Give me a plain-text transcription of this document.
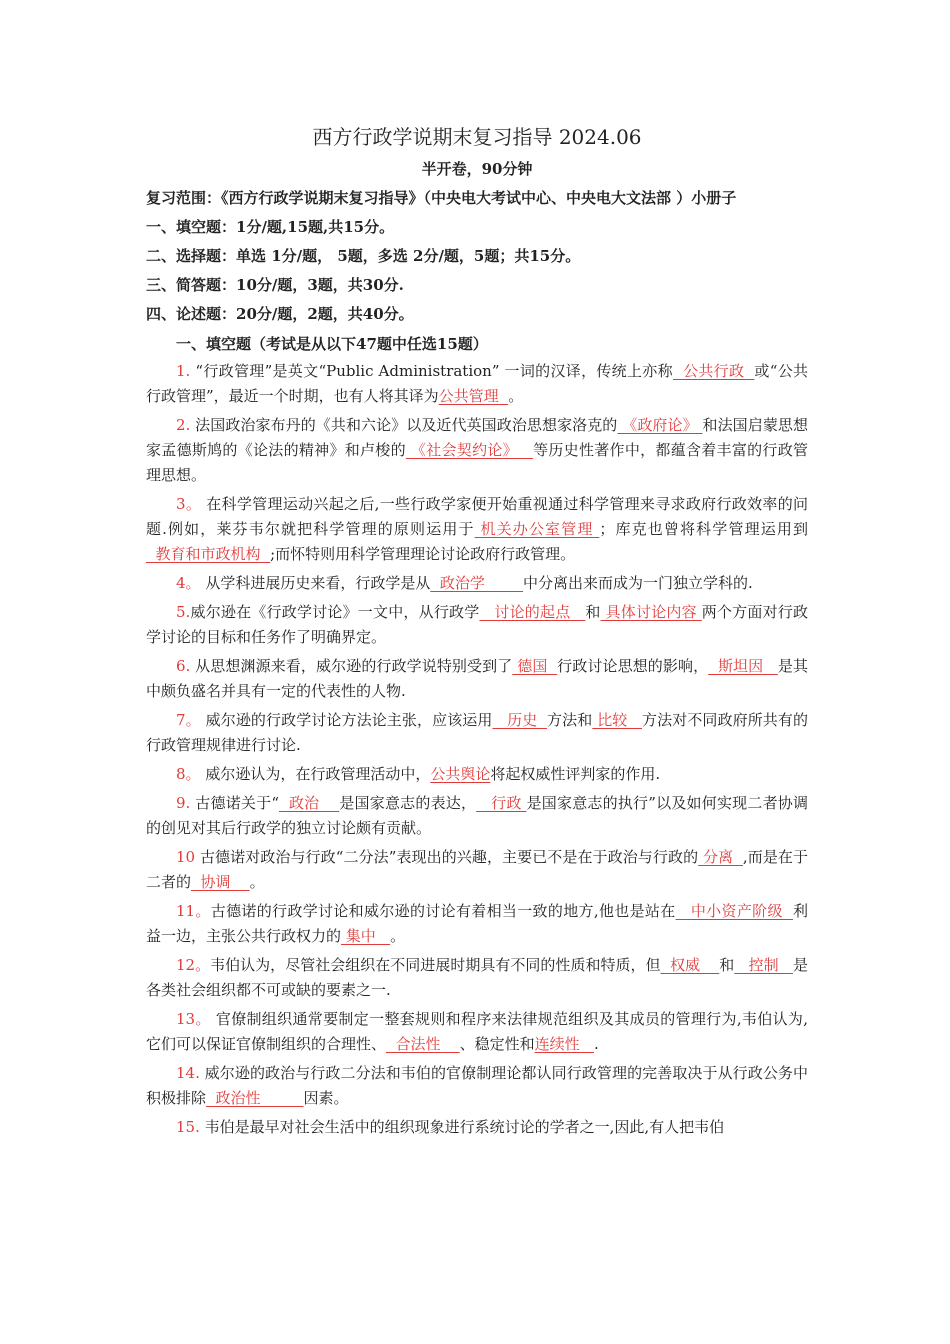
西方行政学说期末复习指导 2024.06

半开卷，90分钟

复习范围：《西方行政学说期末复习指导》（中央电大考试中心、中央电大文法部 ）小册子

一、填空题：1分/题,15题,共15分。

二、选择题：单选 1分/题， 5题，多选 2分/题，5题；共15分。

三、简答题：10分/题，3题，共30分.

四、论述题：20分/题，2题，共40分。

一、填空题（考试是从以下47题中任选15题）

1. “行政管理”是英文“Public Administration” 一词的汉译，传统上亦称  公共行政  或“公共行政管理”，最近一个时期，也有人将其译为公共管理  。

2. 法国政治家布丹的《共和六论》以及近代英国政治思想家洛克的 《政府论》 和法国启蒙思想家孟德斯鸠的《论法的精神》和卢梭的 《社会契约论》   等历史性著作中，都蕴含着丰富的行政管理思想。

3。 在科学管理运动兴起之后,一些行政学家便开始重视通过科学管理来寻求政府行政效率的问题.例如，莱芬韦尔就把科学管理的原则运用于 机关办公室管理 ；库克也曾将科学管理运用到  教育和市政机构  ;而怀特则用科学管理理论讨论政府行政管理。

4。 从学科进展历史来看，行政学是从  政治学        中分离出来而成为一门独立学科的.

5.威尔逊在《行政学讨论》一文中，从行政学   讨论的起点   和 具体讨论内容 两个方面对行政学讨论的目标和任务作了明确界定。

6. 从思想渊源来看，威尔逊的行政学说特别受到了 德国  行政讨论思想的影响，  斯坦因   是其中颇负盛名并具有一定的代表性的人物.

7。 威尔逊的行政学讨论方法论主张，应该运用   历史  方法和 比较   方法对不同政府所共有的行政管理规律进行讨论.

8。 威尔逊认为，在行政管理活动中，公共舆论将起权威性评判家的作用.

9. 古德诺关于“  政治    是国家意志的表达，   行政 是国家意志的执行”以及如何实现二者协调的创见对其后行政学的独立讨论颇有贡献。

10 古德诺对政治与行政“二分法”表现出的兴趣，主要已不是在于政治与行政的 分离  ,而是在于二者的  协调    。

11。古德诺的行政学讨论和威尔逊的讨论有着相当一致的地方,他也是站在   中小资产阶级  利益一边，主张公共行政权力的 集中   。

12。韦伯认为，尽管社会组织在不同进展时期具有不同的性质和特质，但  权威    和   控制   是各类社会组织都不可或缺的要素之一.

13。 官僚制组织通常要制定一整套规则和程序来法律规范组织及其成员的管理行为,韦伯认为,它们可以保证官僚制组织的合理性、  合法性    、稳定性和连续性   .

14. 威尔逊的政治与行政二分法和韦伯的官僚制理论都认同行政管理的完善取决于从行政公务中积极排除  政治性         因素。

15. 韦伯是最早对社会生活中的组织现象进行系统讨论的学者之一,因此,有人把韦伯
